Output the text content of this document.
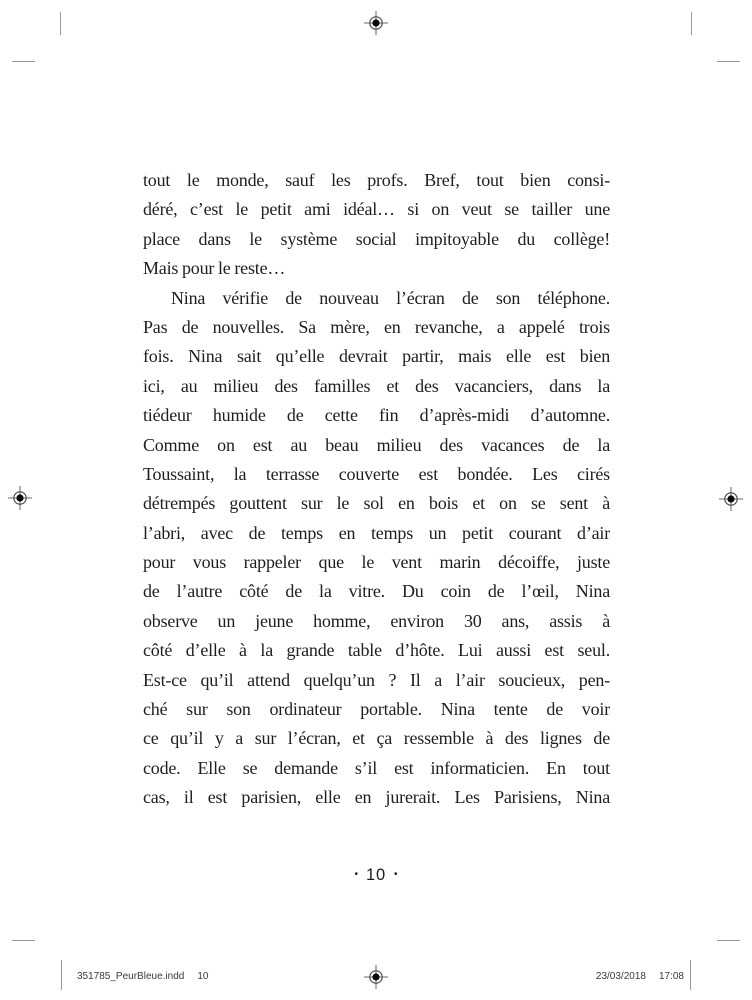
tout le monde, sauf les profs. Bref, tout bien consi-
déré, c’est le petit ami idéal… si on veut se tailler une
place dans le système social impitoyable du collège!
Mais pour le reste…
Nina vérifie de nouveau l’écran de son téléphone.
Pas de nouvelles. Sa mère, en revanche, a appelé trois
fois. Nina sait qu’elle devrait partir, mais elle est bien
ici, au milieu des familles et des vacanciers, dans la
tiédeur humide de cette fin d’après-midi d’automne.
Comme on est au beau milieu des vacances de la
Toussaint, la terrasse couverte est bondée. Les cirés
détrempés gouttent sur le sol en bois et on se sent à
l’abri, avec de temps en temps un petit courant d’air
pour vous rappeler que le vent marin décoiffe, juste
de l’autre côté de la vitre. Du coin de l’œil, Nina
observe un jeune homme, environ 30 ans, assis à
côté d’elle à la grande table d’hôte. Lui aussi est seul.
Est-ce qu’il attend quelqu’un ? Il a l’air soucieux, pen-
ché sur son ordinateur portable. Nina tente de voir
ce qu’il y a sur l’écran, et ça ressemble à des lignes de
code. Elle se demande s’il est informaticien. En tout
cas, il est parisien, elle en jurerait. Les Parisiens, Nina
• 10 •
351785_PeurBleue.indd 10	23/03/2018 17:08
